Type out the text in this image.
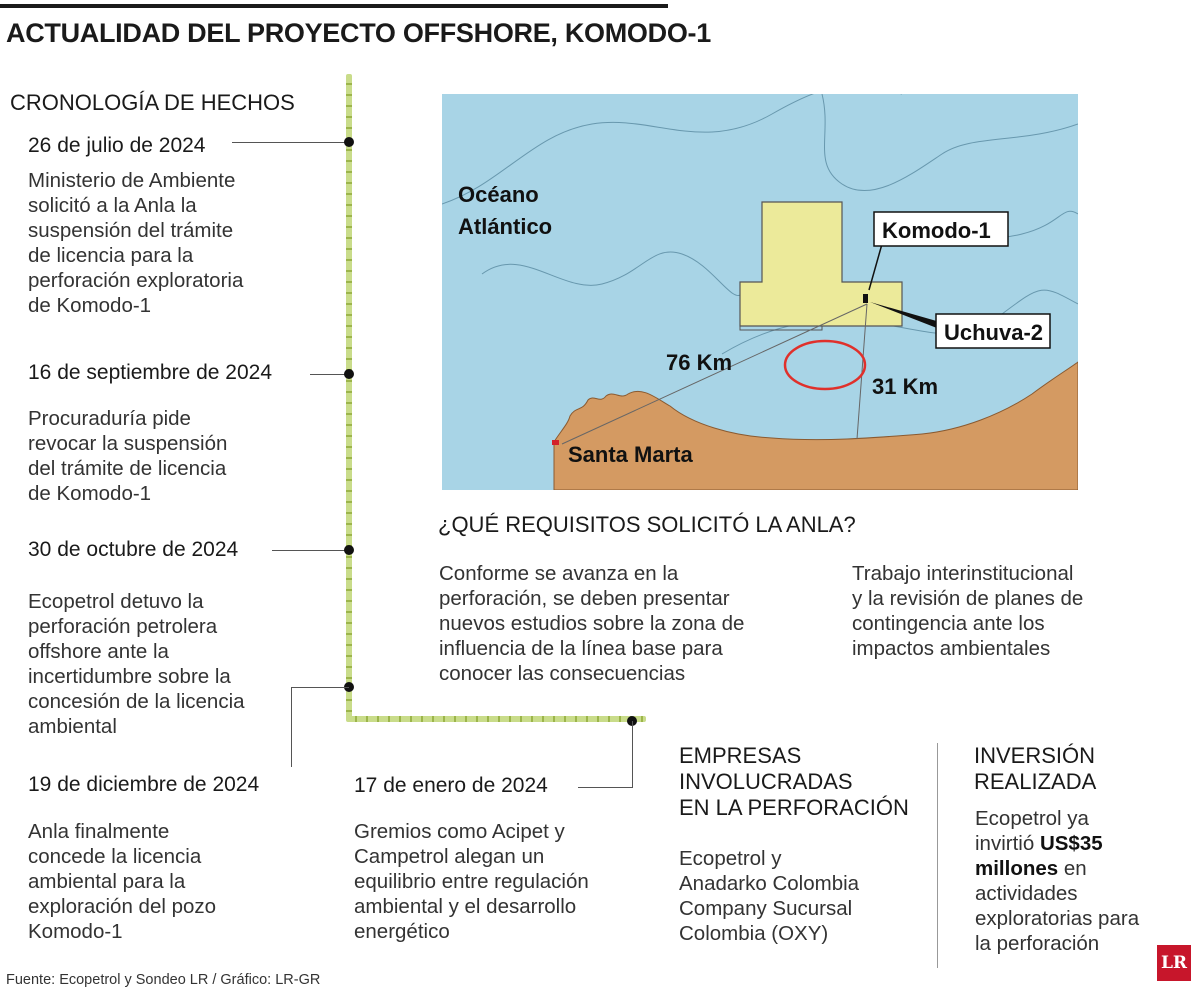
ACTUALIDAD DEL PROYECTO OFFSHORE, KOMODO-1
CRONOLOGÍA DE HECHOS
26 de julio de 2024
Ministerio de Ambiente
solicitó a la Anla la
suspensión del trámite
de licencia para la
perforación exploratoria
de Komodo-1
16 de septiembre de 2024
Procuraduría pide
revocar la suspensión
del trámite de licencia
de Komodo-1
30 de octubre de 2024
Ecopetrol detuvo la
perforación petrolera
offshore ante la
incertidumbre sobre la
concesión de la licencia
ambiental
19 de diciembre de 2024
Anla finalmente
concede la licencia
ambiental para la
exploración del pozo
Komodo-1
17 de enero de 2024
Gremios como Acipet y
Campetrol alegan un
equilibrio entre regulación
ambiental y el desarrollo
energético
Océano
Atlántico	Komodo-1
Uchuva-2
76 Km
31 Km
Santa Marta
¿QUÉ REQUISITOS SOLICITÓ LA ANLA?
Conforme se avanza en la
perforación, se deben presentar
nuevos estudios sobre la zona de
influencia de la línea base para
conocer las consecuencias
Trabajo interinstitucional
y la revisión de planes de
contingencia ante los
impactos ambientales
EMPRESAS
INVOLUCRADAS
EN LA PERFORACIÓN
Ecopetrol y
Anadarko Colombia
Company Sucursal
Colombia (OXY)
INVERSIÓN
REALIZADA
Ecopetrol ya
invirtió US$35
millones en
actividades
exploratorias para
la perforación
Fuente: Ecopetrol y Sondeo LR / Gráfico: LR-GR
LR
